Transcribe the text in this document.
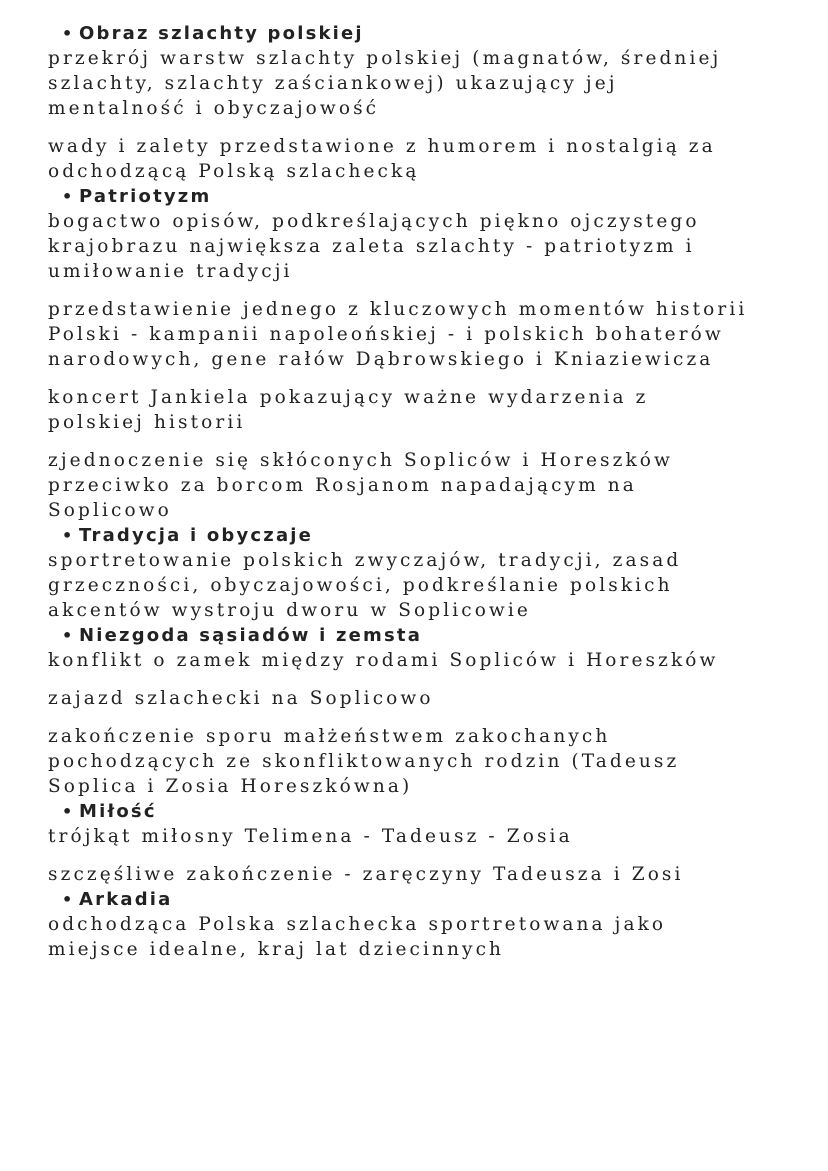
• Obraz szlachty polskiej

przekrój warstw szlachty polskiej (magnatów, średniej
szlachty, szlachty zaściankowej) ukazujący jej
mentalność i obyczajowość

wady i zalety przedstawione z humorem i nostalgią za
odchodzącą Polską szlachecką

• Patriotyzm

bogactwo opisów, podkreślających piękno ojczystego
krajobrazu największa zaleta szlachty - patriotyzm i
umiłowanie tradycji

przedstawienie jednego z kluczowych momentów historii
Polski - kampanii napoleońskiej - i polskich bohaterów
narodowych, gene rałów Dąbrowskiego i Kniaziewicza

koncert Jankiela pokazujący ważne wydarzenia z
polskiej historii

zjednoczenie się skłóconych Sopliców i Horeszków
przeciwko za borcom Rosjanom napadającym na
Soplicowo

• Tradycja i obyczaje

sportretowanie polskich zwyczajów, tradycji, zasad
grzeczności, obyczajowości, podkreślanie polskich
akcentów wystroju dworu w Soplicowie

• Niezgoda sąsiadów i zemsta

konflikt o zamek między rodami Sopliców i Horeszków

zajazd szlachecki na Soplicowo

zakończenie sporu małżeństwem zakochanych
pochodzących ze skonfliktowanych rodzin (Tadeusz
Soplica i Zosia Horeszkówna)

• Miłość

trójkąt miłosny Telimena - Tadeusz - Zosia

szczęśliwe zakończenie - zaręczyny Tadeusza i Zosi

• Arkadia

odchodząca Polska szlachecka sportretowana jako
miejsce idealne, kraj lat dziecinnych
